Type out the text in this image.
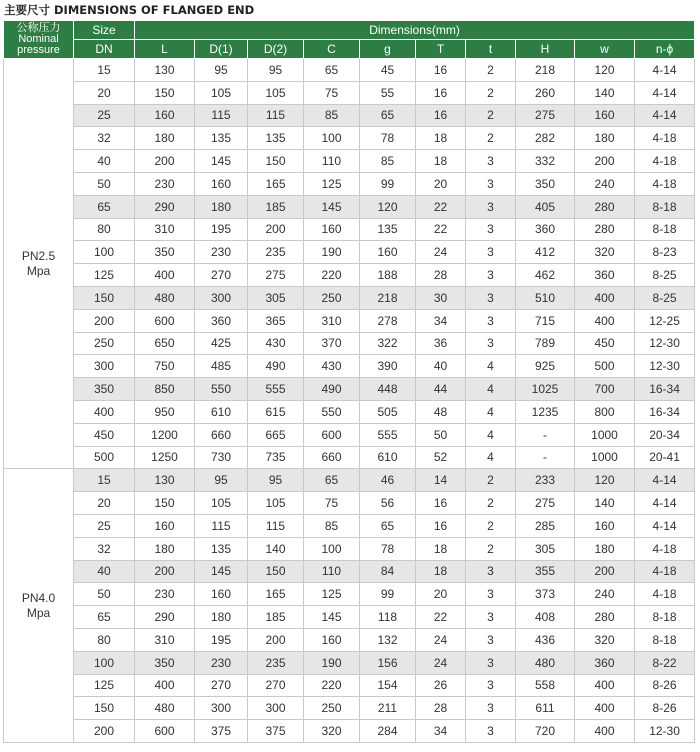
主要尺寸 DIMENSIONS OF FLANGED END
公称压力
Nominal pressure	Size	Dimensions(mm)									
	DN	L	D(1)	D(2)	C	g	T	t	H	w	n-ϕ
PN2.5
Mpa	15	130	95	95	65	45	16	2	218	120	4-14
	20	150	105	105	75	55	16	2	260	140	4-14
	25	160	115	115	85	65	16	2	275	160	4-14
	32	180	135	135	100	78	18	2	282	180	4-18
	40	200	145	150	110	85	18	3	332	200	4-18
	50	230	160	165	125	99	20	3	350	240	4-18
	65	290	180	185	145	120	22	3	405	280	8-18
	80	310	195	200	160	135	22	3	360	280	8-18
	100	350	230	235	190	160	24	3	412	320	8-23
	125	400	270	275	220	188	28	3	462	360	8-25
	150	480	300	305	250	218	30	3	510	400	8-25
	200	600	360	365	310	278	34	3	715	400	12-25
	250	650	425	430	370	322	36	3	789	450	12-30
	300	750	485	490	430	390	40	4	925	500	12-30
	350	850	550	555	490	448	44	4	1025	700	16-34
	400	950	610	615	550	505	48	4	1235	800	16-34
	450	1200	660	665	600	555	50	4	-	1000	20-34
	500	1250	730	735	660	610	52	4	-	1000	20-41
PN4.0
Mpa	15	130	95	95	65	46	14	2	233	120	4-14
	20	150	105	105	75	56	16	2	275	140	4-14
	25	160	115	115	85	65	16	2	285	160	4-14
	32	180	135	140	100	78	18	2	305	180	4-18
	40	200	145	150	110	84	18	3	355	200	4-18
	50	230	160	165	125	99	20	3	373	240	4-18
	65	290	180	185	145	118	22	3	408	280	8-18
	80	310	195	200	160	132	24	3	436	320	8-18
	100	350	230	235	190	156	24	3	480	360	8-22
	125	400	270	270	220	154	26	3	558	400	8-26
	150	480	300	300	250	211	28	3	611	400	8-26
	200	600	375	375	320	284	34	3	720	400	12-30
